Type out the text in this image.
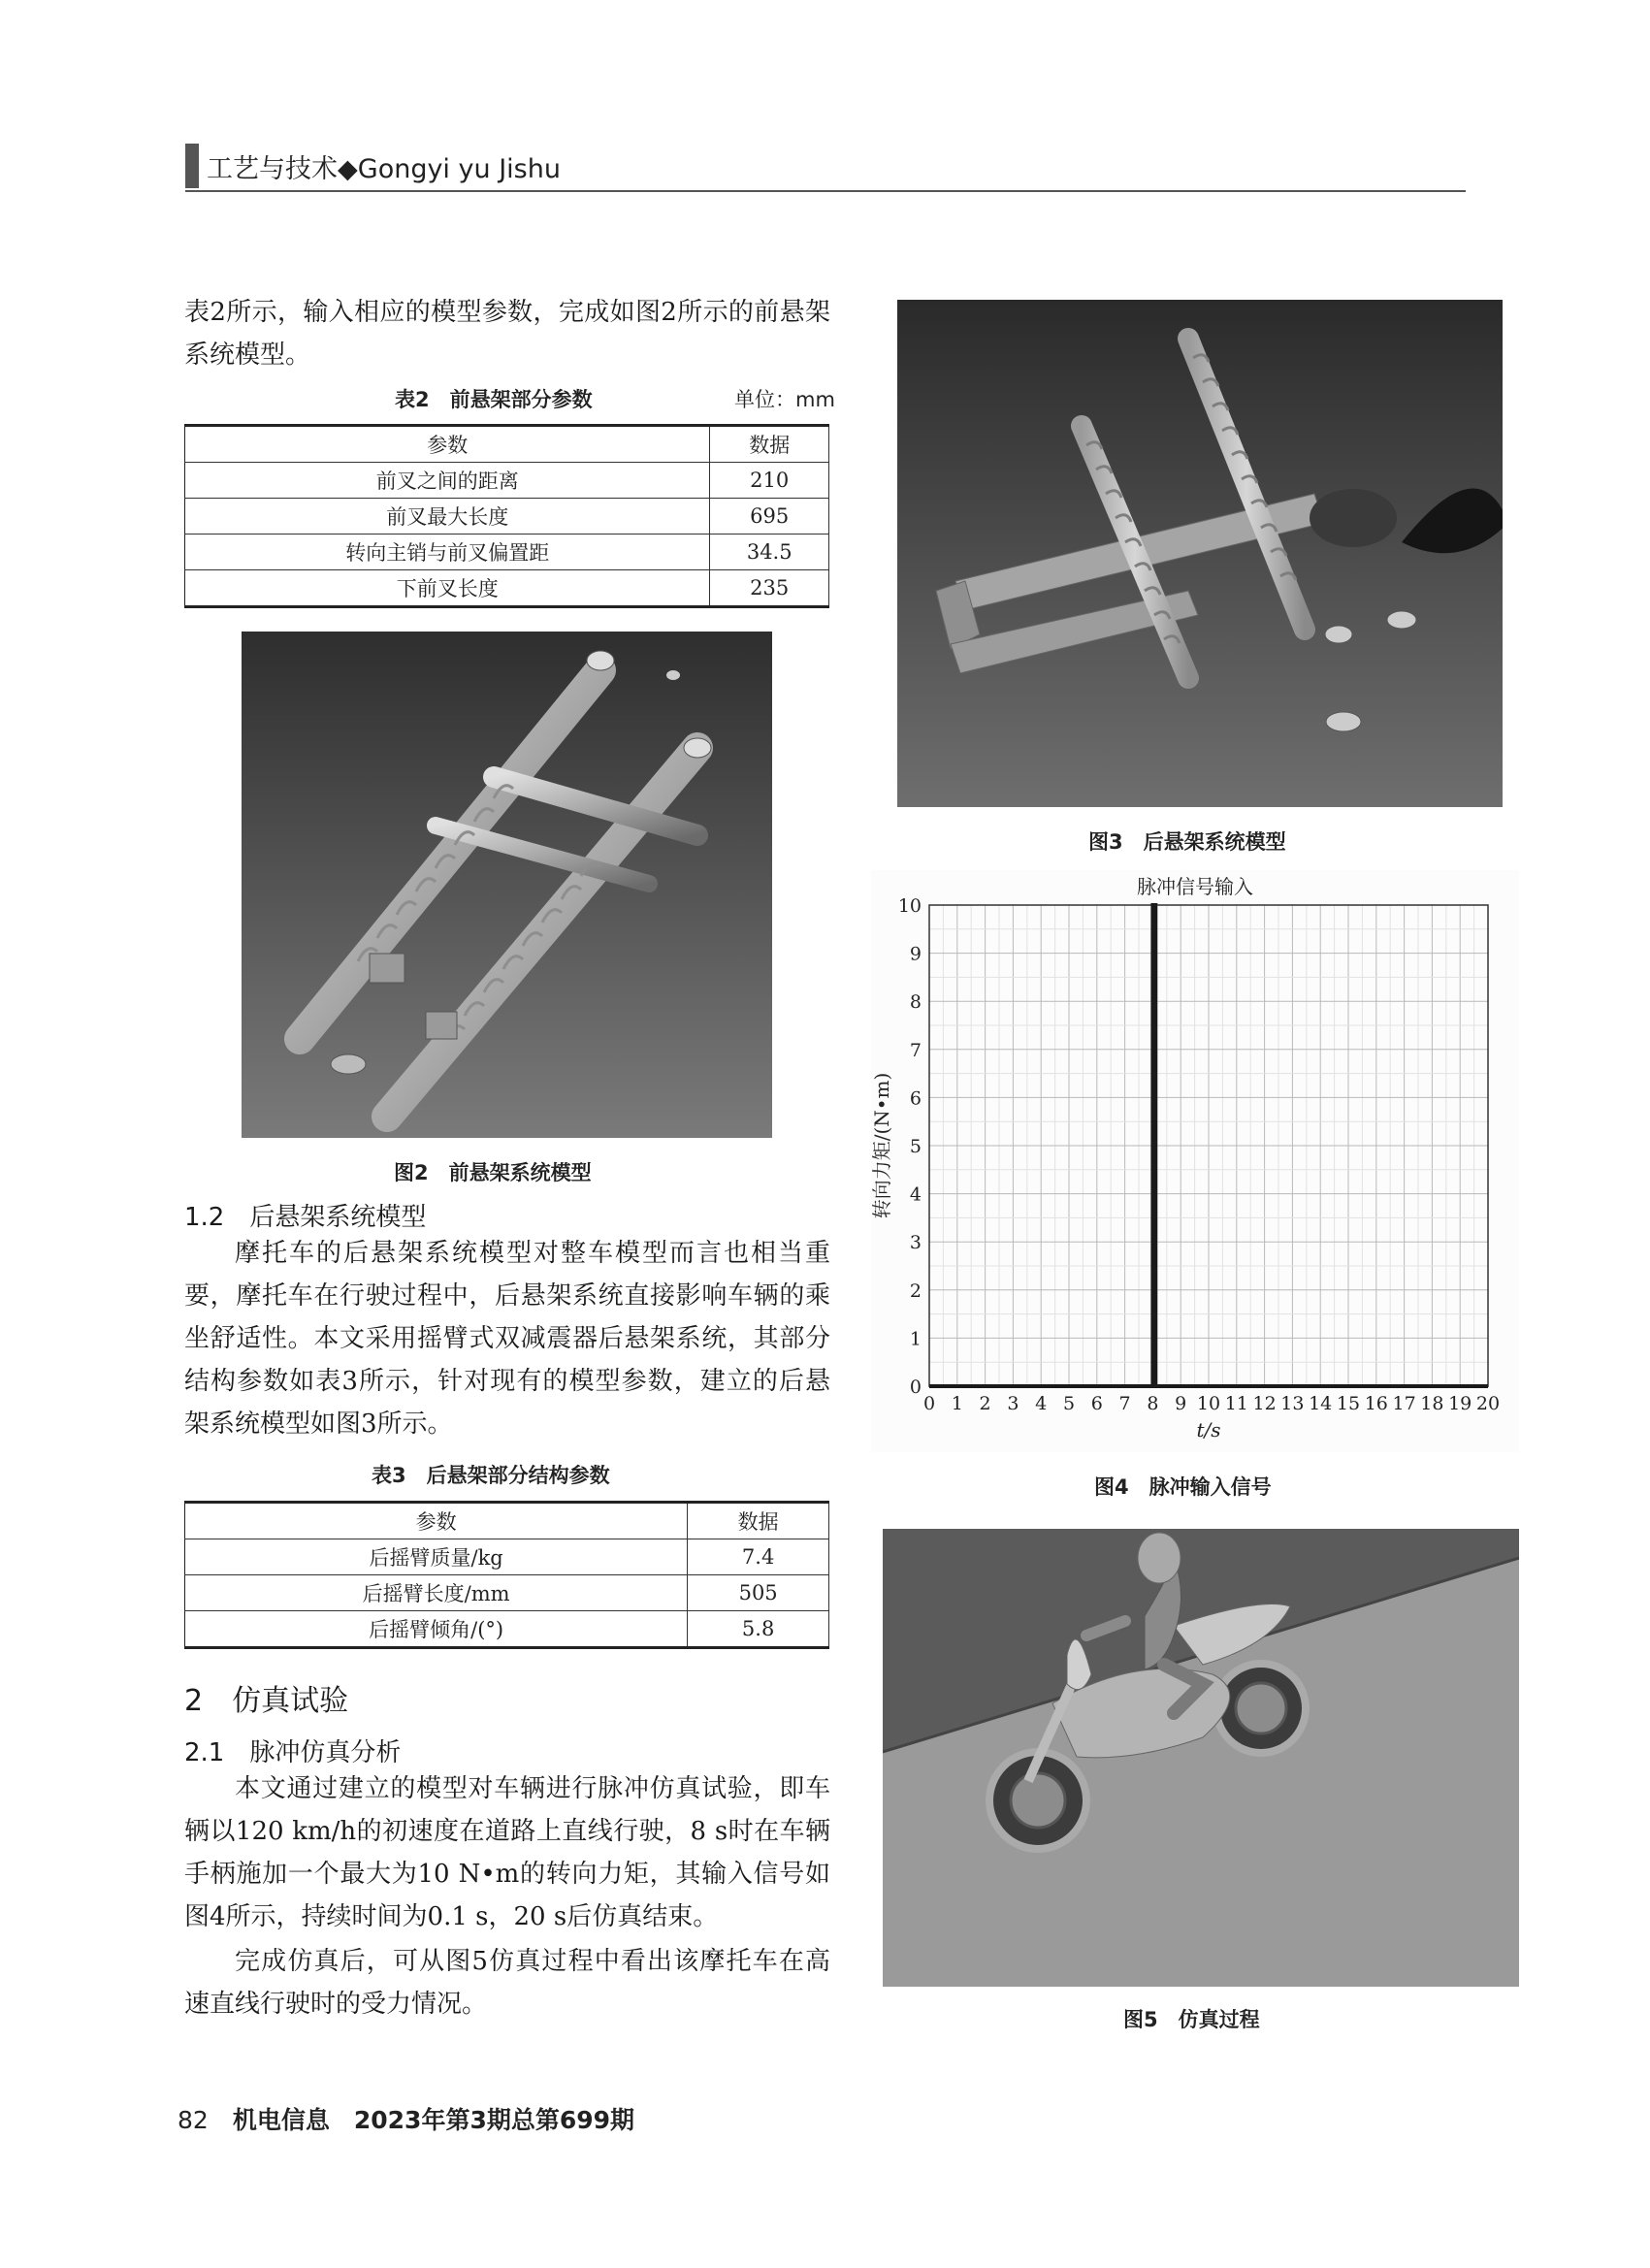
工艺与技术◆Gongyi yu Jishu
表2所示，输入相应的模型参数，完成如图2所示的前悬架系统模型。
表2　前悬架部分参数	单位：mm
参数	数据
前叉之间的距离	210
前叉最大长度	695
转向主销与前叉偏置距	34.5
下前叉长度	235
图2　前悬架系统模型
1.2　后悬架系统模型
摩托车的后悬架系统模型对整车模型而言也相当重要，摩托车在行驶过程中，后悬架系统直接影响车辆的乘坐舒适性。本文采用摇臂式双减震器后悬架系统，其部分结构参数如表3所示，针对现有的模型参数，建立的后悬架系统模型如图3所示。
表3　后悬架部分结构参数
参数	数据
后摇臂质量/kg	7.4
后摇臂长度/mm	505
后摇臂倾角/(°)	5.8
2　仿真试验
2.1　脉冲仿真分析
本文通过建立的模型对车辆进行脉冲仿真试验，即车辆以120 km/h的初速度在道路上直线行驶，8 s时在车辆手柄施加一个最大为10 N•m的转向力矩，其输入信号如图4所示，持续时间为0.1 s，20 s后仿真结束。
完成仿真后，可从图5仿真过程中看出该摩托车在高速直线行驶时的受力情况。
图3　后悬架系统模型
脉冲信号输入
0 1 2 3 4 5 6 7 8 9 10 11 12 13 14 15 16 17 18 19 20
0
1
2
3
4
5
6
7
8
9
10
t/s
转向力矩/(N•m)
图4　脉冲输入信号
图5　仿真过程
82　 机电信息　 2023年第3期总第699期
